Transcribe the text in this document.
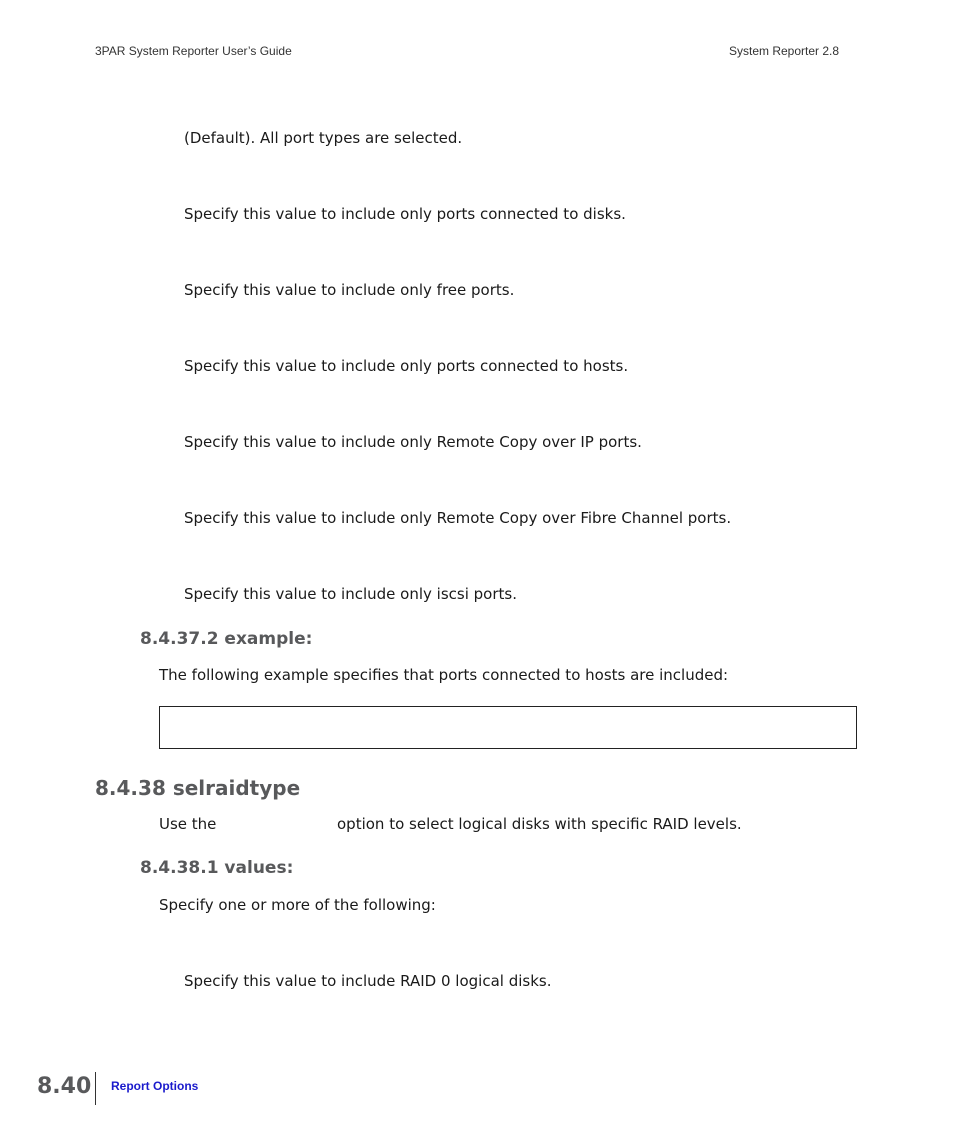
3PAR System Reporter User’s Guide	System Reporter 2.8
(Default). All port types are selected.
Specify this value to include only ports connected to disks.
Specify this value to include only free ports.
Specify this value to include only ports connected to hosts.
Specify this value to include only Remote Copy over IP ports.
Specify this value to include only Remote Copy over Fibre Channel ports.
Specify this value to include only iscsi ports.
8.4.37.2 example:
The following example specifies that ports connected to hosts are included:
8.4.38 selraidtype
Use the	option to select logical disks with specific RAID levels.
8.4.38.1 values:
Specify one or more of the following:
Specify this value to include RAID 0 logical disks.
8.40 Report Options
